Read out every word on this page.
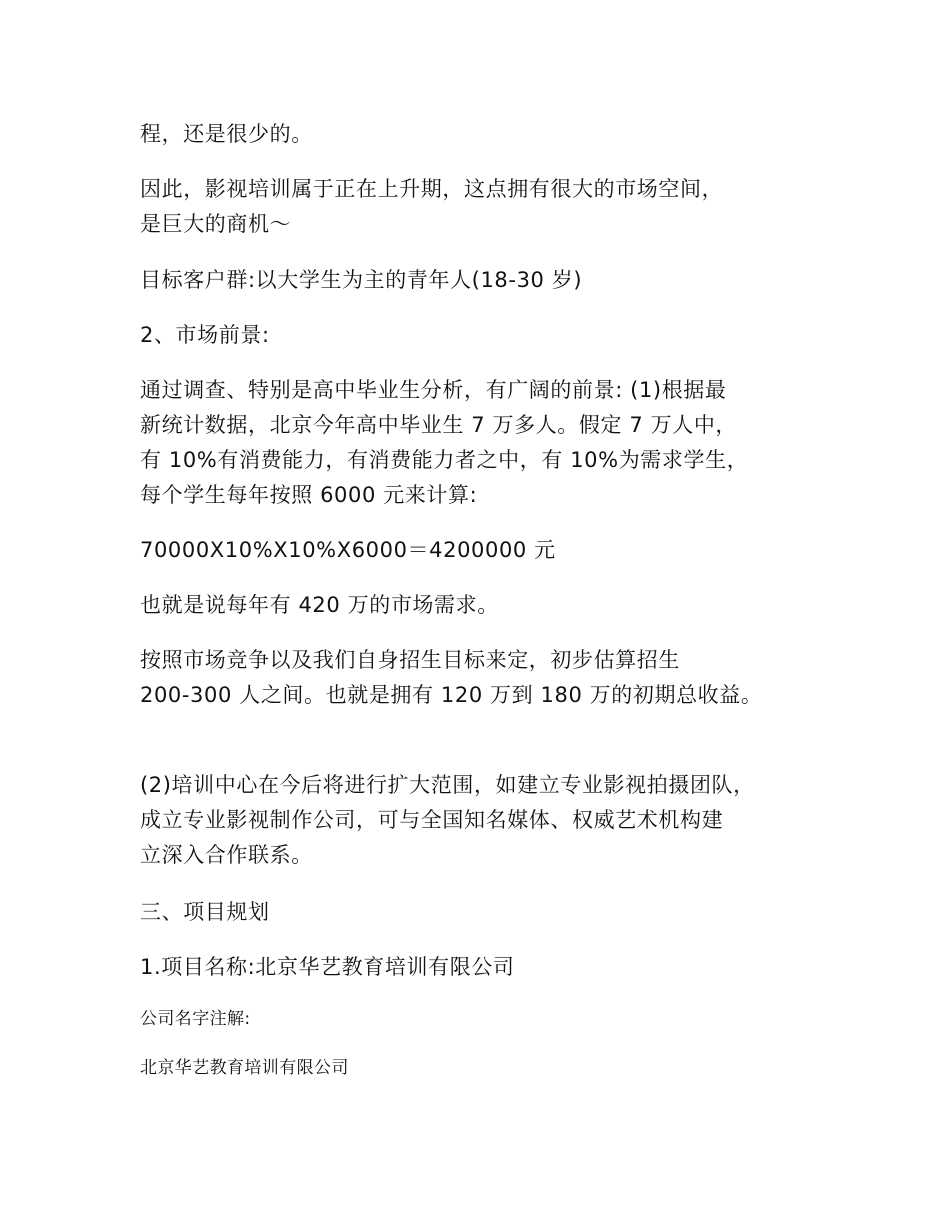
程，还是很少的。

因此，影视培训属于正在上升期，这点拥有很大的市场空间，
是巨大的商机～

目标客户群:以大学生为主的青年人(18-30 岁)

2、市场前景:

通过调查、特别是高中毕业生分析，有广阔的前景: (1)根据最
新统计数据，北京今年高中毕业生 7 万多人。假定 7 万人中，
有 10%有消费能力，有消费能力者之中，有 10%为需求学生，
每个学生每年按照 6000 元来计算:

70000X10%X10%X6000＝4200000 元

也就是说每年有 420 万的市场需求。

按照市场竞争以及我们自身招生目标来定，初步估算招生
200-300 人之间。也就是拥有 120 万到 180 万的初期总收益。

(2)培训中心在今后将进行扩大范围，如建立专业影视拍摄团队，
成立专业影视制作公司，可与全国知名媒体、权威艺术机构建
立深入合作联系。

三、项目规划

1.项目名称:北京华艺教育培训有限公司

公司名字注解:

北京华艺教育培训有限公司
